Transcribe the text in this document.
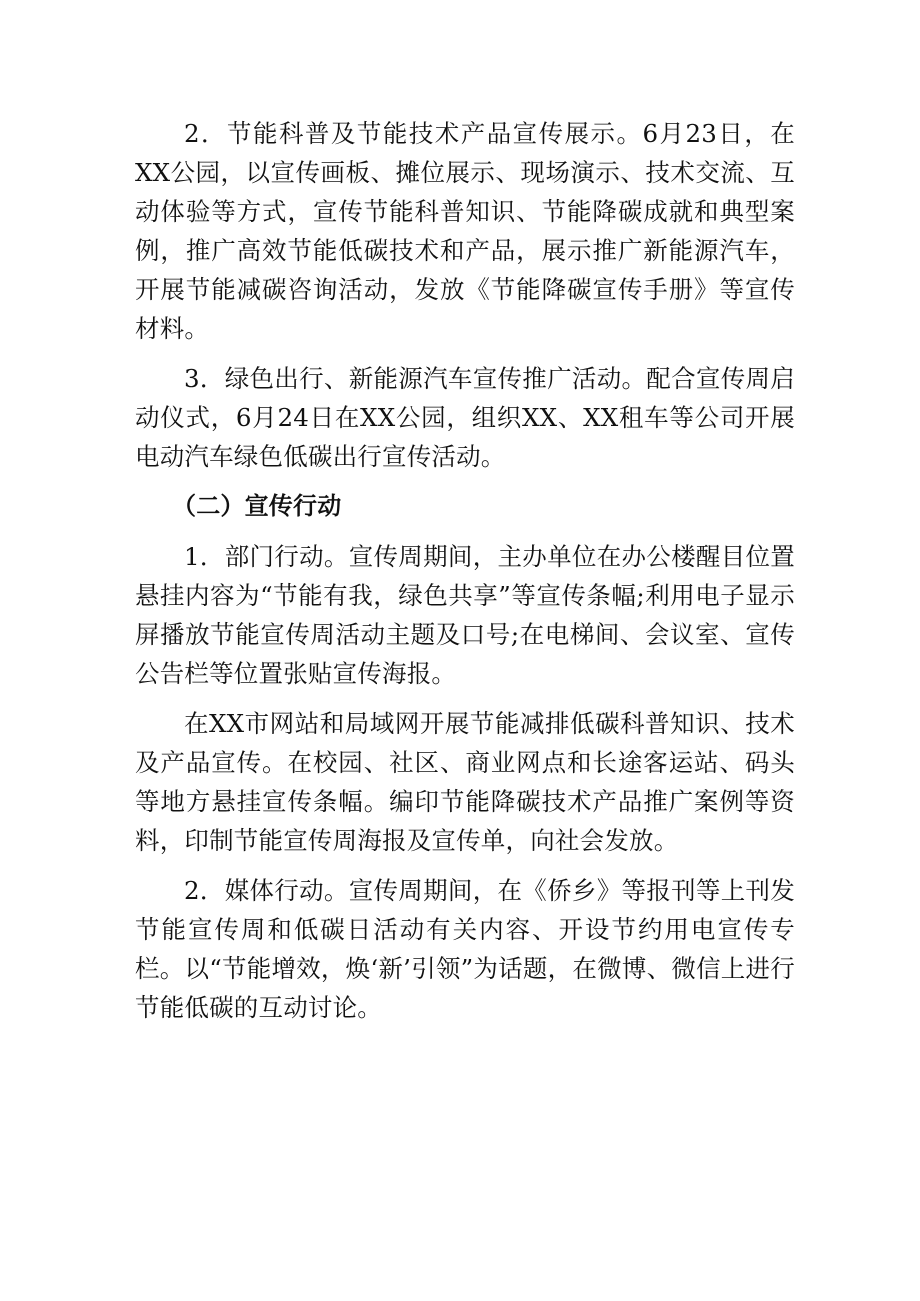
2．节能科普及节能技术产品宣传展示。6月23日，在XX公园，以宣传画板、摊位展示、现场演示、技术交流、互动体验等方式，宣传节能科普知识、节能降碳成就和典型案例，推广高效节能低碳技术和产品，展示推广新能源汽车，开展节能减碳咨询活动，发放《节能降碳宣传手册》等宣传材料。

3．绿色出行、新能源汽车宣传推广活动。配合宣传周启动仪式，6月24日在XX公园，组织XX、XX租车等公司开展电动汽车绿色低碳出行宣传活动。

（二）宣传行动

1．部门行动。宣传周期间，主办单位在办公楼醒目位置悬挂内容为“节能有我，绿色共享”等宣传条幅;利用电子显示屏播放节能宣传周活动主题及口号;在电梯间、会议室、宣传公告栏等位置张贴宣传海报。

在XX市网站和局域网开展节能减排低碳科普知识、技术及产品宣传。在校园、社区、商业网点和长途客运站、码头等地方悬挂宣传条幅。编印节能降碳技术产品推广案例等资料，印制节能宣传周海报及宣传单，向社会发放。

2．媒体行动。宣传周期间，在《侨乡》等报刊等上刊发节能宣传周和低碳日活动有关内容、开设节约用电宣传专栏。以“节能增效，焕‘新’引领”为话题，在微博、微信上进行节能低碳的互动讨论。
